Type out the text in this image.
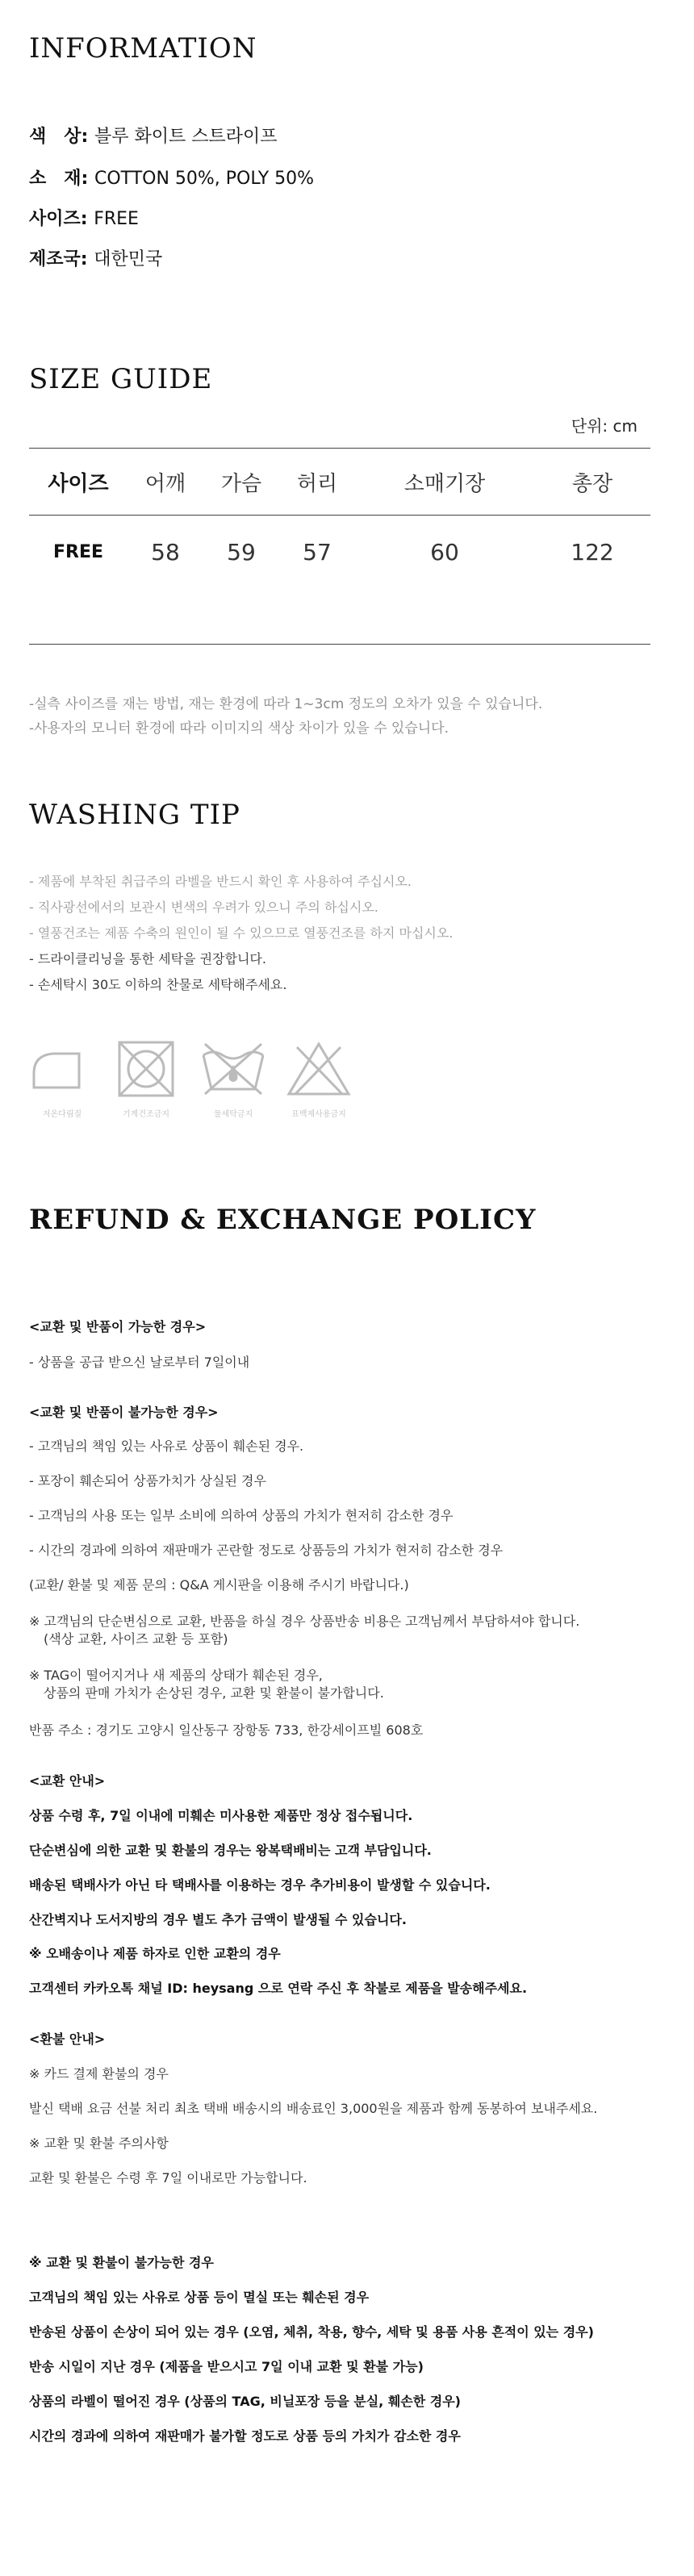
INFORMATION
색　상: 블루 화이트 스트라이프
소　재: COTTON 50%, POLY 50%
사이즈: FREE
제조국: 대한민국
SIZE GUIDE
단위: cm
사이즈	어깨	가슴	허리	소매기장	총장
FREE	58	59	57	60	122
-실측 사이즈를 재는 방법, 재는 환경에 따라 1~3cm 정도의 오차가 있을 수 있습니다.
-사용자의 모니터 환경에 따라 이미지의 색상 차이가 있을 수 있습니다.
WASHING TIP
- 제품에 부착된 취급주의 라벨을 반드시 확인 후 사용하여 주십시오.
- 직사광선에서의 보관시 변색의 우려가 있으니 주의 하십시오.
- 열풍건조는 제품 수축의 원인이 될 수 있으므로 열풍건조를 하지 마십시오.
- 드라이클리닝을 통한 세탁을 권장합니다.
- 손세탁시 30도 이하의 찬물로 세탁해주세요.
저온다림질	기계건조금지	물세탁금지	표백제사용금지
REFUND & EXCHANGE POLICY
<교환 및 반품이 가능한 경우>
- 상품을 공급 받으신 날로부터 7일이내
<교환 및 반품이 불가능한 경우>
- 고객님의 책임 있는 사유로 상품이 훼손된 경우.
- 포장이 훼손되어 상품가치가 상실된 경우
- 고객님의 사용 또는 일부 소비에 의하여 상품의 가치가 현저히 감소한 경우
- 시간의 경과에 의하여 재판매가 곤란할 정도로 상품등의 가치가 현저히 감소한 경우
(교환/ 환불 및 제품 문의 : Q&A 게시판을 이용해 주시기 바랍니다.)
※ 고객님의 단순변심으로 교환, 반품을 하실 경우 상품반송 비용은 고객님께서 부담하셔야 합니다.
(색상 교환, 사이즈 교환 등 포함)
※ TAG이 떨어지거나 새 제품의 상태가 훼손된 경우,
상품의 판매 가치가 손상된 경우, 교환 및 환불이 불가합니다.
반품 주소 : 경기도 고양시 일산동구 장항동 733, 한강세이프빌 608호
<교환 안내>
상품 수령 후, 7일 이내에 미훼손 미사용한 제품만 정상 접수됩니다.
단순변심에 의한 교환 및 환불의 경우는 왕복택배비는 고객 부담입니다.
배송된 택배사가 아닌 타 택배사를 이용하는 경우 추가비용이 발생할 수 있습니다.
산간벽지나 도서지방의 경우 별도 추가 금액이 발생될 수 있습니다.
※ 오배송이나 제품 하자로 인한 교환의 경우
고객센터 카카오톡 채널 ID: heysang 으로 연락 주신 후 착불로 제품을 발송해주세요.
<환불 안내>
※ 카드 결제 환불의 경우
발신 택배 요금 선불 처리 최초 택배 배송시의 배송료인 3,000원을 제품과 함께 동봉하여 보내주세요.
※ 교환 및 환불 주의사항
교환 및 환불은 수령 후 7일 이내로만 가능합니다.
※ 교환 및 환불이 불가능한 경우
고객님의 책임 있는 사유로 상품 등이 멸실 또는 훼손된 경우
반송된 상품이 손상이 되어 있는 경우 (오염, 체취, 착용, 향수, 세탁 및 용품 사용 흔적이 있는 경우)
반송 시일이 지난 경우 (제품을 받으시고 7일 이내 교환 및 환불 가능)
상품의 라벨이 떨어진 경우 (상품의 TAG, 비닐포장 등을 분실, 훼손한 경우)
시간의 경과에 의하여 재판매가 불가할 정도로 상품 등의 가치가 감소한 경우
